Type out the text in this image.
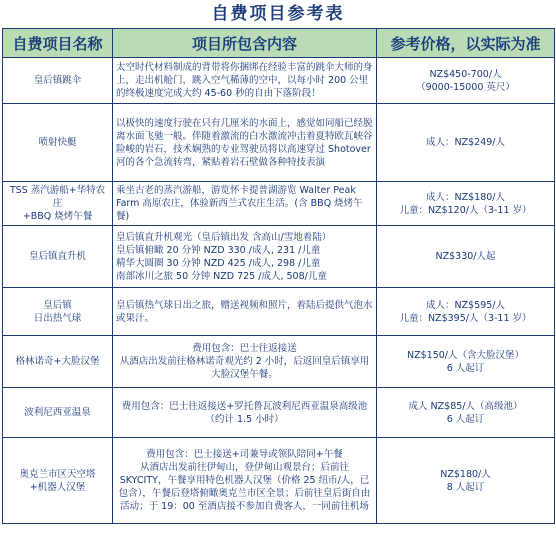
自费项目参考表
自费项目名称	项目所包含内容	参考价格，以实际为准

皇后镇跳伞	太空时代材料制成的背带将你捆绑在经验丰富的跳伞大师的身上，走出机舱门，跳入空气稀薄的空中，以每小时 200 公里的终极速度完成大约 45-60 秒的自由下落阶段！	NZ$450-700/人
（9000-15000 英尺）

喷射快艇	以极快的速度行驶在只有几厘米的水面上，感觉如同船已经脱离水面飞驰一般。伴随着激流的白水激流冲击着夏特欧瓦峡谷险峻的岩石，技术娴熟的专业驾驶员将以高速穿过 Shotover 河的各个急流转弯，紧贴着岩石壁做各种特技表演	成人：NZ$249/人

TSS 蒸汽游船+华特农庄
+BBQ 烧烤午餐	乘坐古老的蒸汽游船，游览怀卡提普湖游览 Walter Peak Farm 高原农庄，体验新西兰式农庄生活。(含 BBQ 烧烤午餐)	成人：NZ$180/人
儿童：NZ$120/人（3-11 岁）

皇后镇直升机	皇后镇直升机观光（皇后镇出发 含高山/雪地着陆）
皇后镇俯瞰 20 分钟 NZD 330 /成人, 231 /儿童
精华大圆圈 30 分钟 NZD 425 /成人, 298 /儿童
南部冰川之旅 50 分钟 NZD 725 /成人, 508/儿童	NZ$330/人起

皇后镇
日出热气球	皇后镇热气球日出之旅，赠送视频和照片，着陆后提供气泡水或果汁。	成人：NZ$595/人
儿童：NZ$395/人（3-11 岁）

格林诺奇+大脸汉堡	费用包含：巴士往返接送
从酒店出发前往格林诺奇观光约 2 小时，后返回皇后镇享用大脸汉堡午餐。	NZ$150/人（含大脸汉堡）
6 人起订

波利尼西亚温泉	费用包含：巴士往返接送+罗托鲁瓦波利尼西亚温泉高级池（约计 1.5 小时）	成人 NZ$85/人（高级池）
6 人起订

奥克兰市区天空塔
+机器人汉堡	费用包含：巴士接送+司兼导或领队陪同+午餐
从酒店出发前往伊甸山，登伊甸山观景台；后前往 SKYCITY，午餐享用特色机器人汉堡（价格 25 纽币/人，已包含），午餐后登塔俯瞰奥克兰市区全景；后前往皇后街自由活动；于 19：00 至酒店接不参加自费客人，一同前往机场	NZ$180/人
8 人起订
